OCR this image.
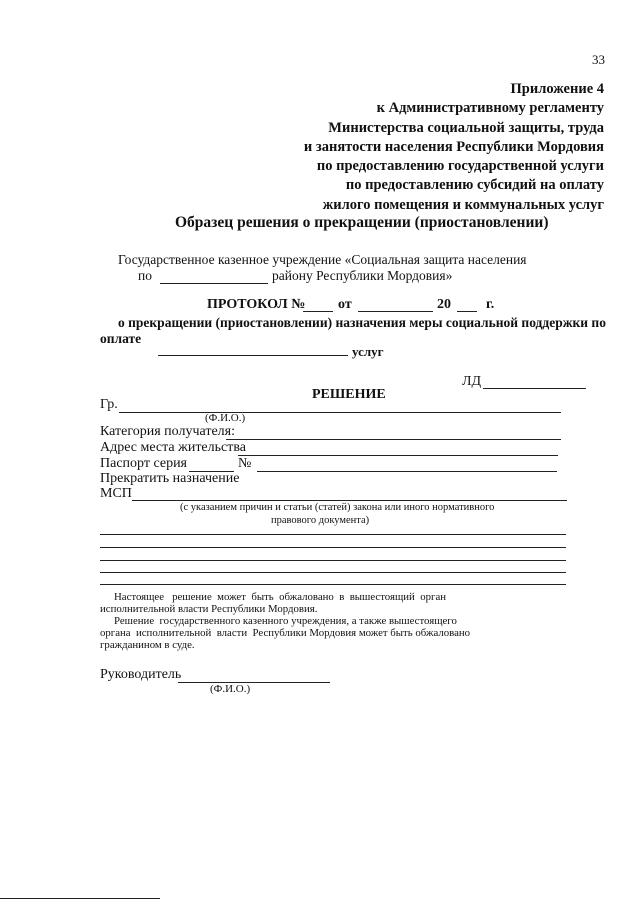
33
Приложение 4
к Административному регламенту
Министерства социальной защиты, труда
и занятости населения Республики Мордовия
по предоставлению государственной услуги
по предоставлению субсидий на оплату
жилого помещения и коммунальных услуг
Образец решения о прекращении (приостановлении)
Государственное казенное учреждение «Социальная защита населения
по	району Республики Мордовия»
ПРОТОКОЛ № от	20	г.
о прекращении (приостановлении) назначения меры социальной поддержки по
оплате
услуг
ЛД
РЕШЕНИЕ
Гр.
(Ф.И.О.)
Категория получателя:
Адрес места жительства
Паспорт серия	№
Прекратить назначение
МСП
(с указанием причин и статьи (статей) закона или иного нормативного
правового документа)
Настоящее   решение  может  быть  обжаловано  в  вышестоящий  орган
исполнительной власти Республики Мордовия.
Решение  государственного казенного учреждения, а также вышестоящего
органа  исполнительной  власти  Республики Мордовия может быть обжаловано
гражданином в суде.
Руководитель
(Ф.И.О.)
